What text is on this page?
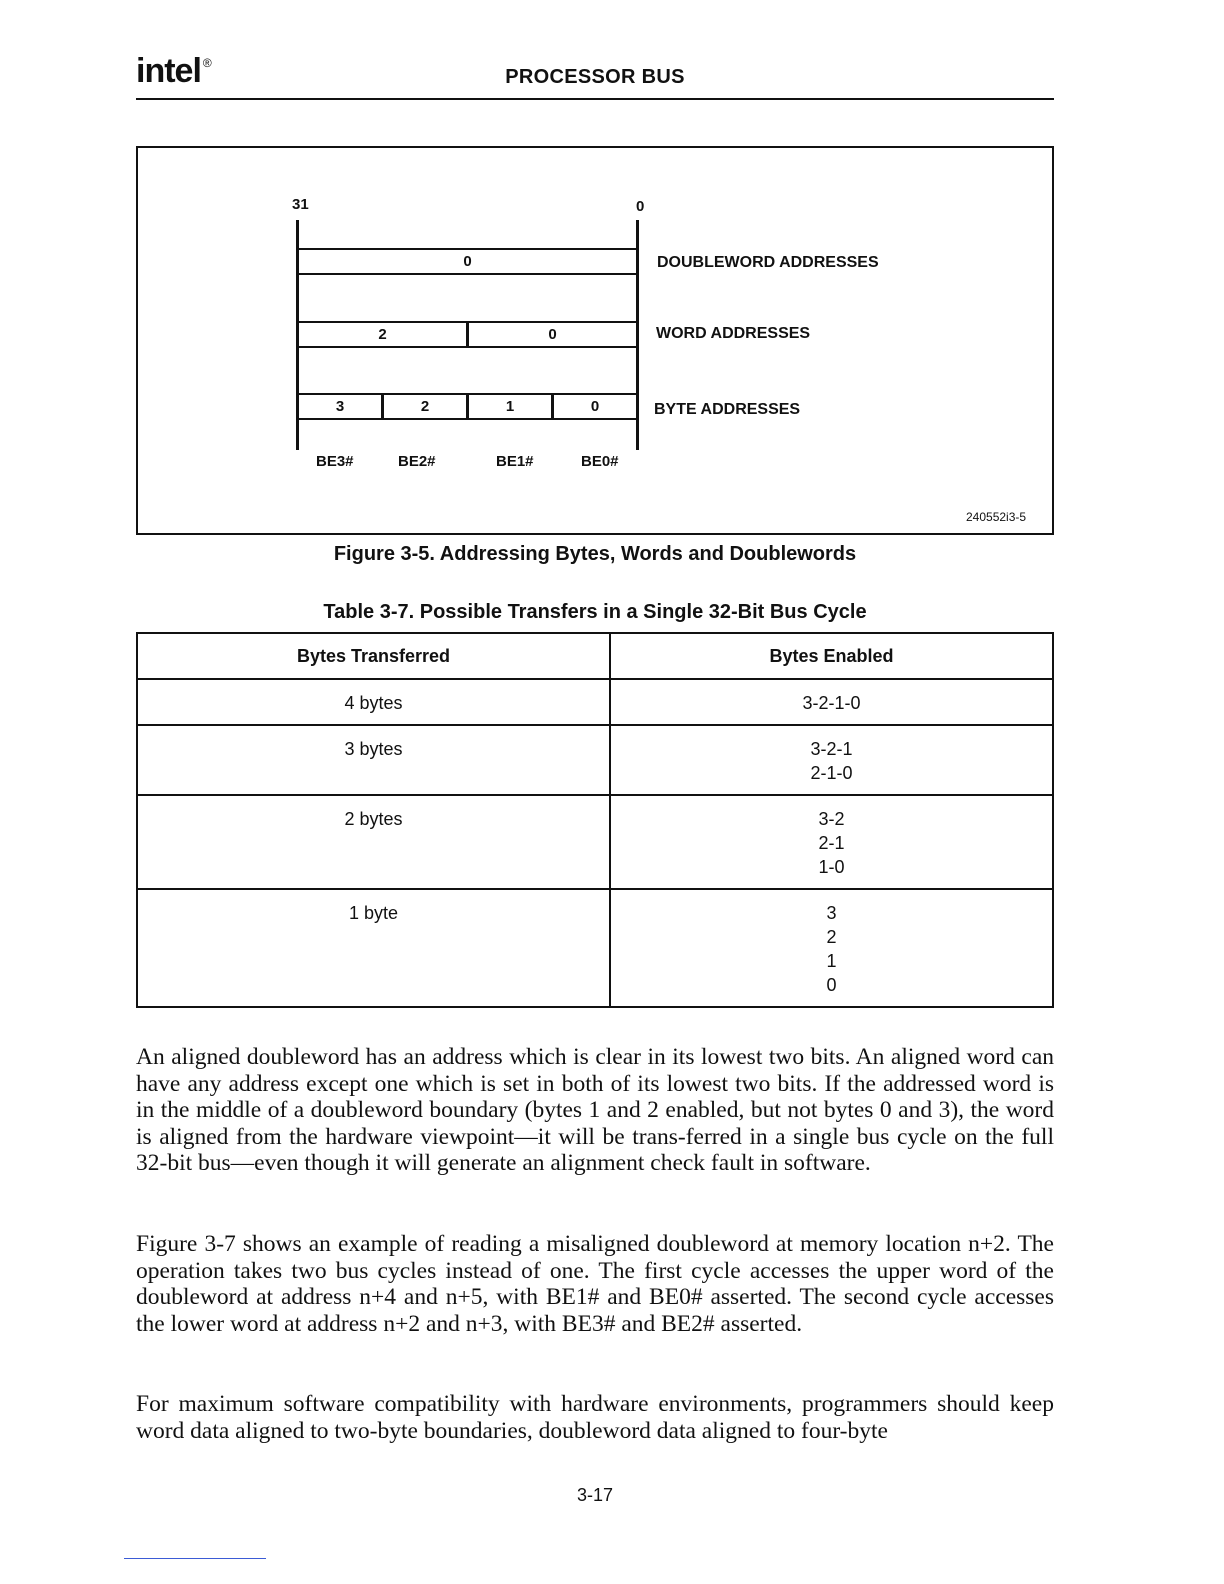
intel ®
PROCESSOR BUS
31	0
0	DOUBLEWORD ADDRESSES
2	0	WORD ADDRESSES
3	2	1	0	BYTE ADDRESSES
BE3#	BE2#	BE1#	BE0#
240552i3-5
Figure 3-5. Addressing Bytes, Words and Doublewords
Table 3-7. Possible Transfers in a Single 32-Bit Bus Cycle
Bytes Transferred	Bytes Enabled
4 bytes	3-2-1-0

3 bytes	3-2-1
2-1-0

2 bytes	3-2
2-1
1-0

1 byte	3
2
1
0

An aligned doubleword has an address which is clear in its lowest two bits. An aligned word can have any address except one which is set in both of its lowest two bits. If the addressed word is in the middle of a doubleword boundary (bytes 1 and 2 enabled, but not bytes 0 and 3), the word is aligned from the hardware viewpoint—it will be trans-ferred in a single bus cycle on the full 32-bit bus—even though it will generate an alignment check fault in software.

Figure 3-7 shows an example of reading a misaligned doubleword at memory location n+2. The operation takes two bus cycles instead of one. The first cycle accesses the upper word of the doubleword at address n+4 and n+5, with BE1# and BE0# asserted. The second cycle accesses the lower word at address n+2 and n+3, with BE3# and BE2# asserted.

For maximum software compatibility with hardware environments, programmers should keep word data aligned to two-byte boundaries, doubleword data aligned to four-byte

3-17
